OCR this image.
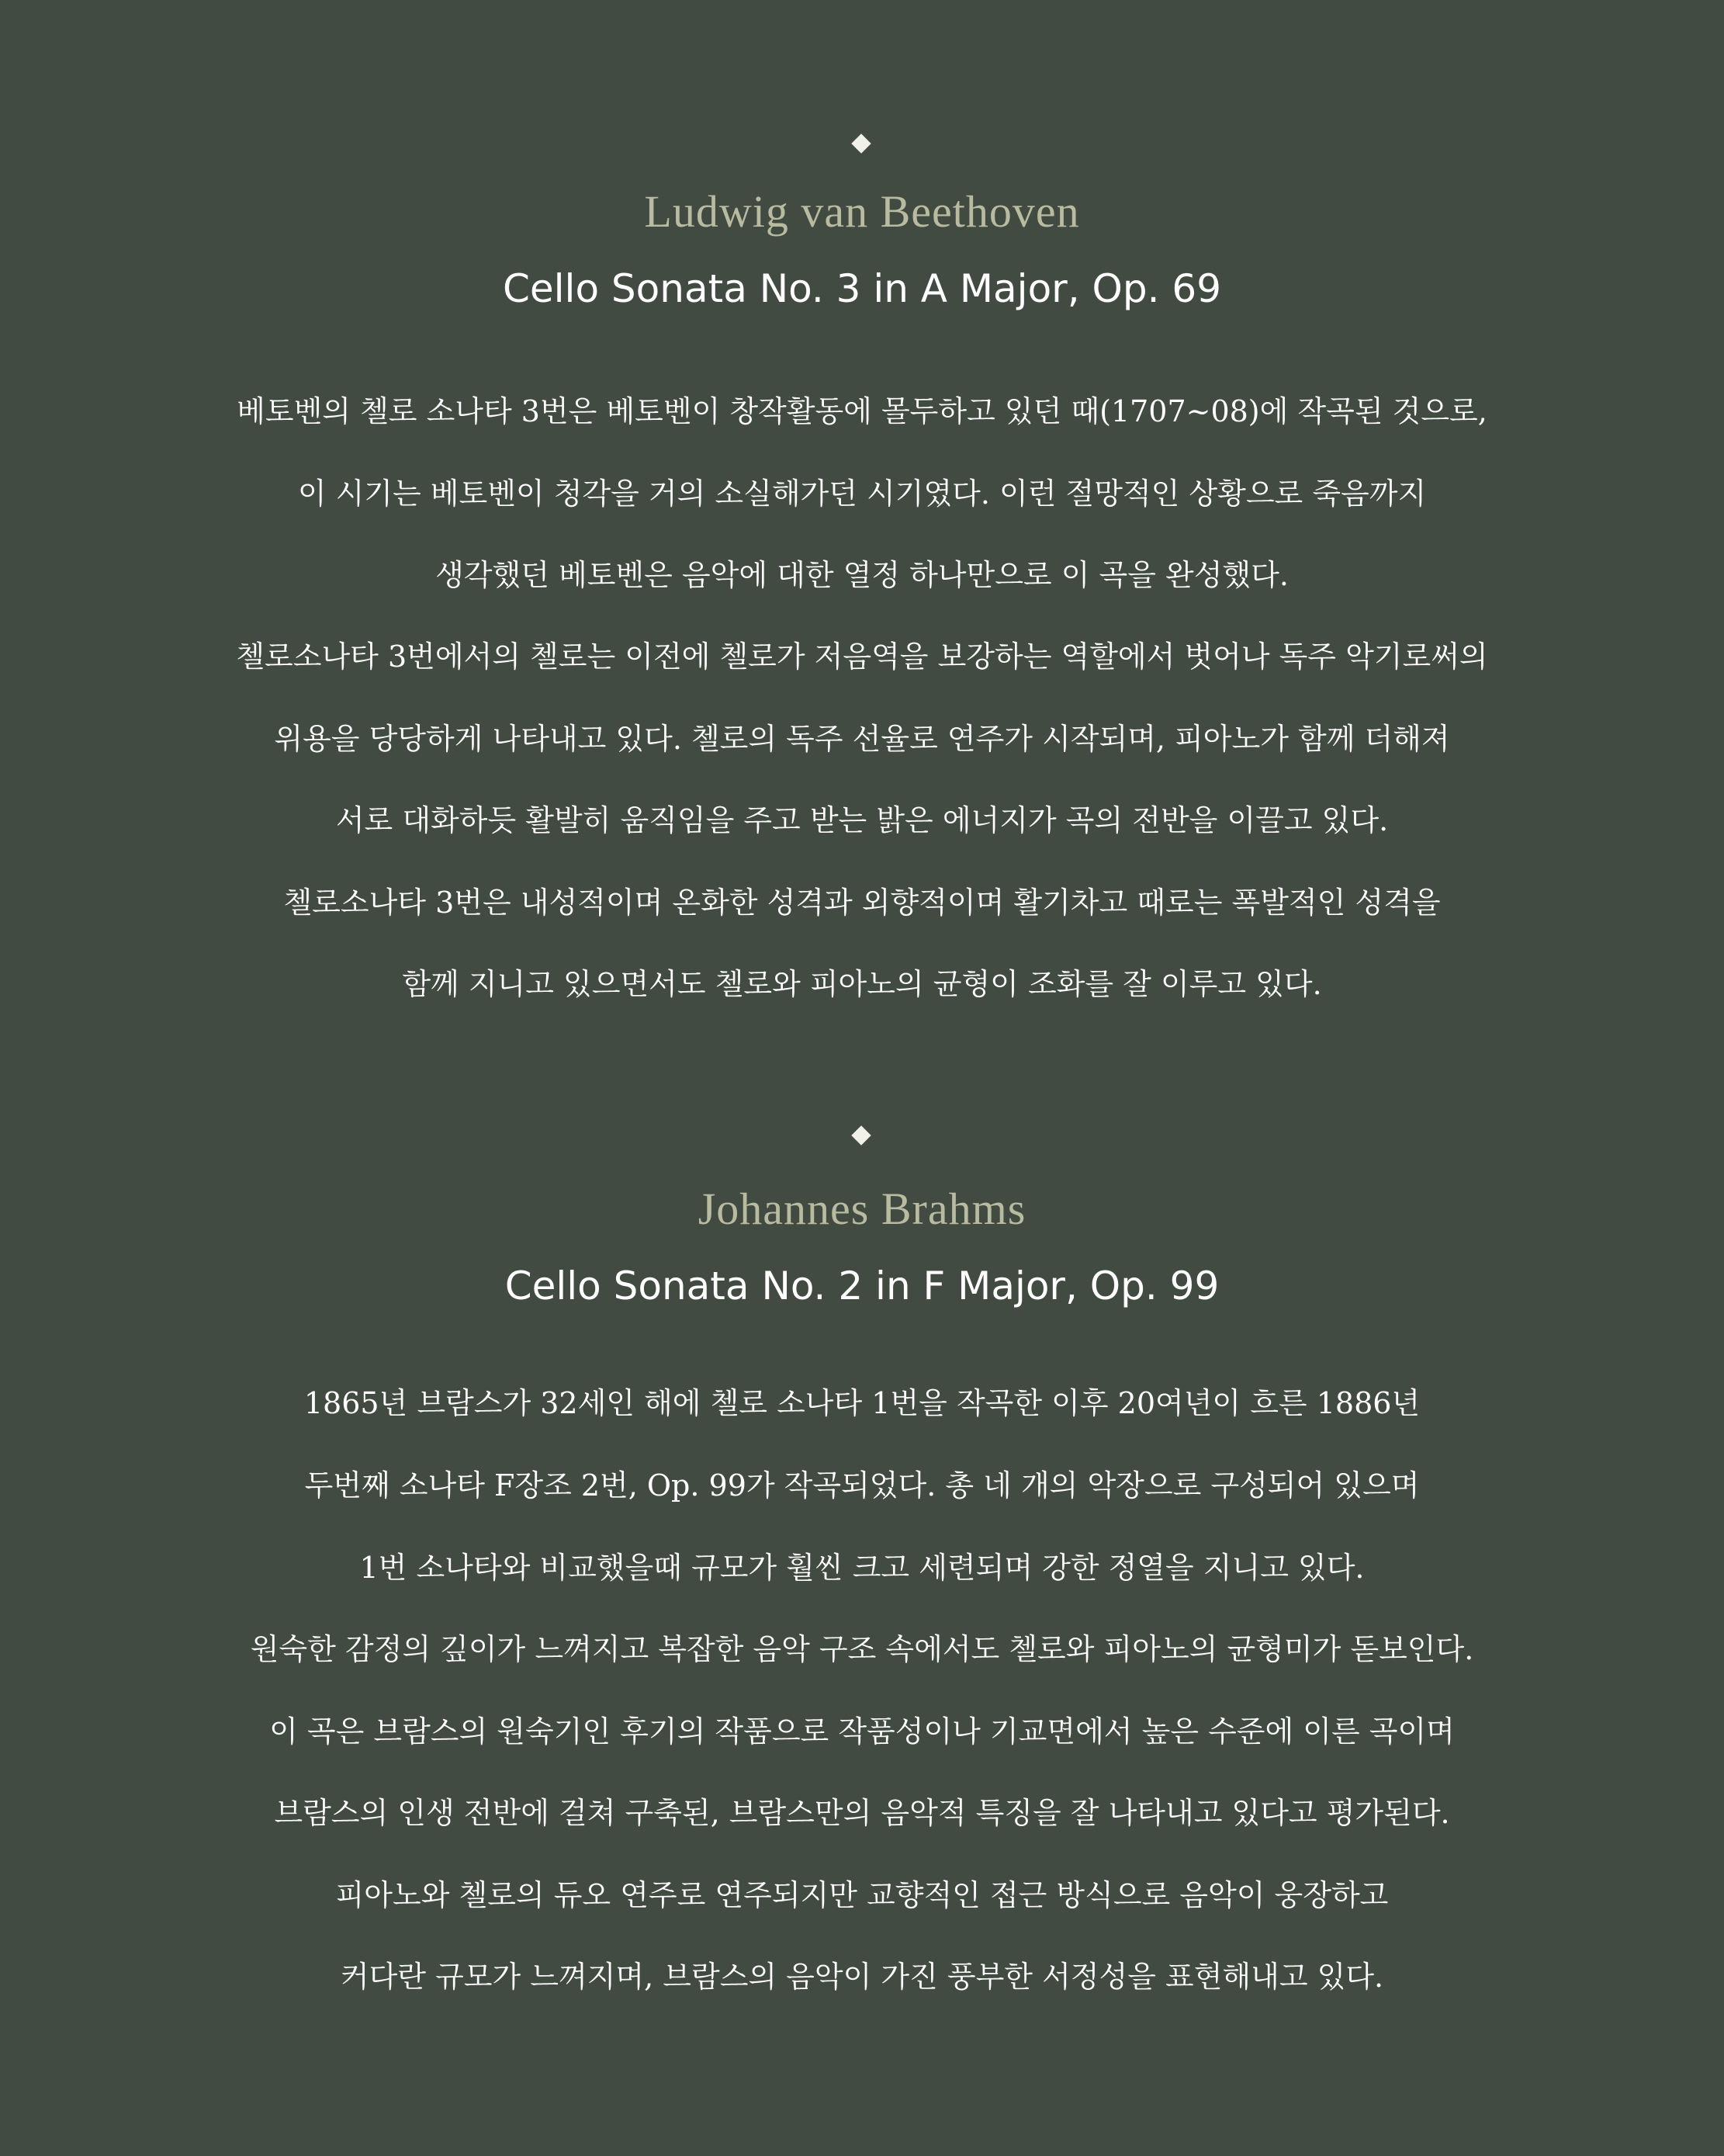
Ludwig van Beethoven
Cello Sonata No. 3 in A Major, Op. 69
베토벤의 첼로 소나타 3번은 베토벤이 창작활동에 몰두하고 있던 때(1707~08)에 작곡된 것으로,
이 시기는 베토벤이 청각을 거의 소실해가던 시기였다. 이런 절망적인 상황으로 죽음까지
생각했던 베토벤은 음악에 대한 열정 하나만으로 이 곡을 완성했다.
첼로소나타 3번에서의 첼로는 이전에 첼로가 저음역을 보강하는 역할에서 벗어나 독주 악기로써의
위용을 당당하게 나타내고 있다. 첼로의 독주 선율로 연주가 시작되며, 피아노가 함께 더해져
서로 대화하듯 활발히 움직임을 주고 받는 밝은 에너지가 곡의 전반을 이끌고 있다.
첼로소나타 3번은 내성적이며 온화한 성격과 외향적이며 활기차고 때로는 폭발적인 성격을
함께 지니고 있으면서도 첼로와 피아노의 균형이 조화를 잘 이루고 있다.
Johannes Brahms
Cello Sonata No. 2 in F Major, Op. 99
1865년 브람스가 32세인 해에 첼로 소나타 1번을 작곡한 이후 20여년이 흐른 1886년
두번째 소나타 F장조 2번, Op. 99가 작곡되었다. 총 네 개의 악장으로 구성되어 있으며
1번 소나타와 비교했을때 규모가 훨씬 크고 세련되며 강한 정열을 지니고 있다.
원숙한 감정의 깊이가 느껴지고 복잡한 음악 구조 속에서도 첼로와 피아노의 균형미가 돋보인다.
이 곡은 브람스의 원숙기인 후기의 작품으로 작품성이나 기교면에서 높은 수준에 이른 곡이며
브람스의 인생 전반에 걸쳐 구축된, 브람스만의 음악적 특징을 잘 나타내고 있다고 평가된다.
피아노와 첼로의 듀오 연주로 연주되지만 교향적인 접근 방식으로 음악이 웅장하고
커다란 규모가 느껴지며, 브람스의 음악이 가진 풍부한 서정성을 표현해내고 있다.
